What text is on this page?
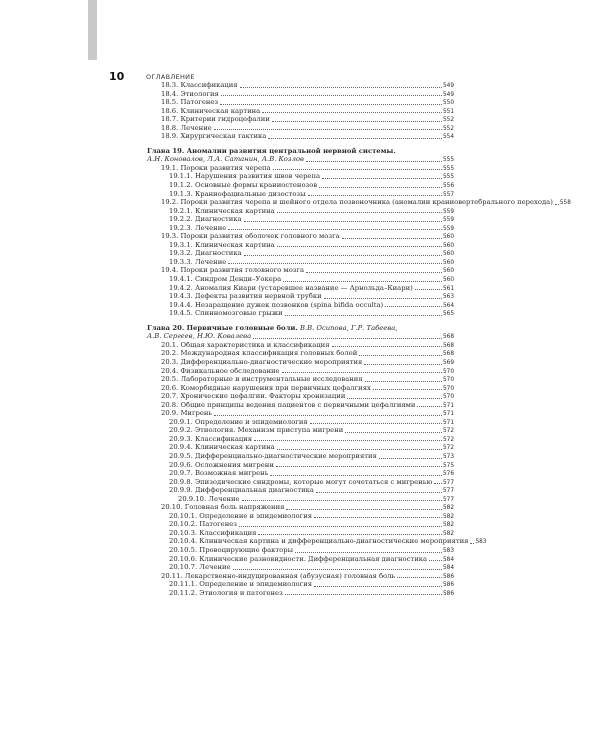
10	ОГЛАВЛЕНИЕ
18.3. Классификация	549
18.4. Этиология	549
18.5. Патогенез	550
18.6. Клиническая картина	551
18.7. Критерии гидроцефалии	552
18.8. Лечение	552
18.9. Хирургическая тактика	554
Глава 19. Аномалии развития центральной нервной системы.
А.Н. Коновалов, Л.А. Сатанин, А.В. Козлов	555
19.1. Пороки развития черепа	555
19.1.1. Нарушения развития швов черепа	555
19.1.2. Основные формы краниостенозов	556
19.1.3. Краниофациальные дизостозы	557
19.2. Пороки развития черепа и шейного отдела позвоночника (аномалии краниовертебрального перехода) 558
19.2.1. Клиническая картина	559
19.2.2. Диагностика	559
19.2.3. Лечение	559
19.3. Пороки развития оболочек головного мозга	560
19.3.1. Клиническая картина	560
19.3.2. Диагностика	560
19.3.3. Лечение	560
19.4. Пороки развития головного мозга	560
19.4.1. Синдром Денди–Уокера	560
19.4.2. Аномалия Киари (устаревшее название — Арнольда–Киари)	561
19.4.3. Дефекты развития нервной трубки	563
19.4.4. Незаращение дужек позвонков (spina bifida occulta)	564
19.4.5. Спинномозговые грыжи	565
Глава 20. Первичные головные боли. В.В. Осипова, Г.Р. Табеева,
А.В. Сергеев, Н.Ю. Ковалева	568
20.1. Общая характеристика и классификация	568
20.2. Международная классификация головных болей	568
20.3. Дифференциально-диагностические мероприятия	569
20.4. Физикальное обследование	570
20.5. Лабораторные и инструментальные исследования	570
20.6. Коморбидные нарушения при первичных цефалгиях	570
20.7. Хронические цефалгии. Факторы хронизации	570
20.8. Общие принципы ведения пациентов с первичными цефалгиями	571
20.9. Мигрень	571
20.9.1. Определение и эпидемиология	571
20.9.2. Этиология. Механизм приступа мигрени	572
20.9.3. Классификация	572
20.9.4. Клиническая картина	572
20.9.5. Дифференциально-диагностические мероприятия	573
20.9.6. Осложнения мигрени	575
20.9.7. Возможная мигрень	576
20.9.8. Эпизодические синдромы, которые могут сочетаться с мигренью 577
20.9.9. Дифференциальная диагностика	577
20.9.10. Лечение	577
20.10. Головная боль напряжения	582
20.10.1. Определение и эпидемиология	582
20.10.2. Патогенез	582
20.10.3. Классификация	582
20.10.4. Клиническая картина и дифференциально-диагностические мероприятия 583
20.10.5. Провоцирующие факторы	583
20.10.6. Клинические разновидности. Дифференциальная диагностика 584
20.10.7. Лечение	584
20.11. Лекарственно-индуцированная (абузусная) головная боль	586
20.11.1. Определение и эпидемиология	586
20.11.2. Этиология и патогенез	586
